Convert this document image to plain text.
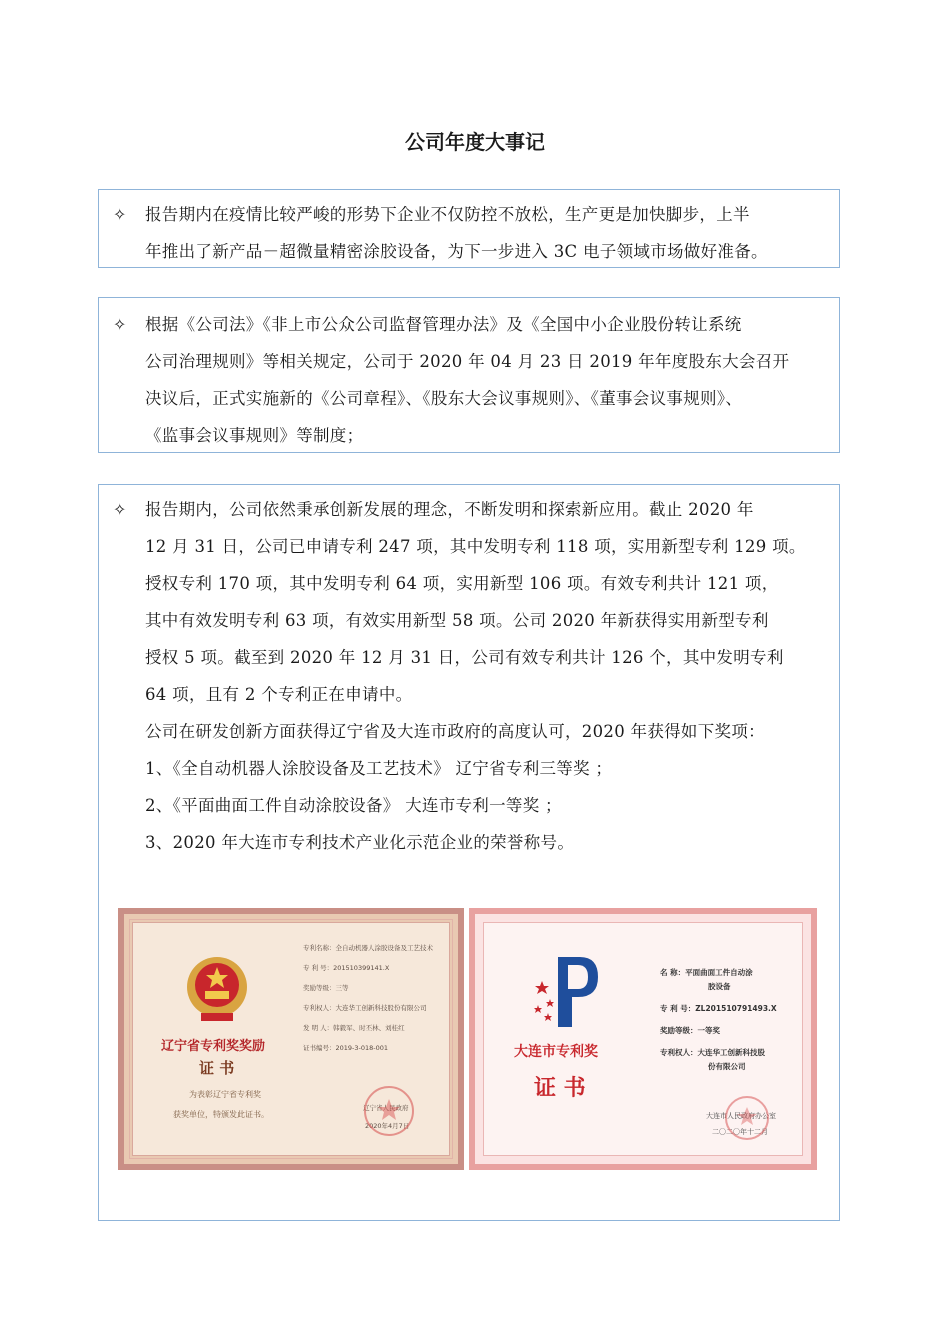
公司年度大事记
✧ 报告期内在疫情比较严峻的形势下企业不仅防控不放松，生产更是加快脚步，上半

年推出了新产品－超微量精密涂胶设备，为下一步进入 3C 电子领域市场做好准备。

✧ 根据《公司法》《非上市公众公司监督管理办法》及《全国中小企业股份转让系统

公司治理规则》等相关规定，公司于 2020 年 04 月 23 日 2019 年年度股东大会召开

决议后，正式实施新的《公司章程》、《股东大会议事规则》、《董事会议事规则》、

《监事会议事规则》等制度；

✧ 报告期内，公司依然秉承创新发展的理念，不断发明和探索新应用。截止 2020 年

12 月 31 日，公司已申请专利 247 项，其中发明专利 118 项，实用新型专利 129 项。

授权专利 170 项，其中发明专利 64 项，实用新型 106 项。有效专利共计 121 项，

其中有效发明专利 63 项，有效实用新型 58 项。公司 2020 年新获得实用新型专利

授权 5 项。截至到 2020 年 12 月 31 日，公司有效专利共计 126 个，其中发明专利

64 项，且有 2 个专利正在申请中。

公司在研发创新方面获得辽宁省及大连市政府的高度认可，2020 年获得如下奖项：

1、《全自动机器人涂胶设备及工艺技术》 辽宁省专利三等奖 ；

2、《平面曲面工件自动涂胶设备》 大连市专利一等奖 ；

3、2020 年大连市专利技术产业化示范企业的荣誉称号。

辽宁省专利奖奖励
证 书
专利名称：全自动机器人涂胶设备及工艺技术
专 利 号：201510399141.X
奖励等级：三等
专利权人：大连华工创新科技股份有限公司
发 明 人：韩毅军、时丕林、刘桂红
证书编号：2019-3-018-001
为表彰辽宁省专利奖
获奖单位，特颁发此证书。
辽宁省人民政府
2020年4月7日
大连市专利奖
证 书
名 称：平面曲面工件自动涂
胶设备
专 利 号：ZL201510791493.X
奖励等级：一等奖
专利权人：大连华工创新科技股
份有限公司
大连市人民政府办公室
二〇二〇年十二月
